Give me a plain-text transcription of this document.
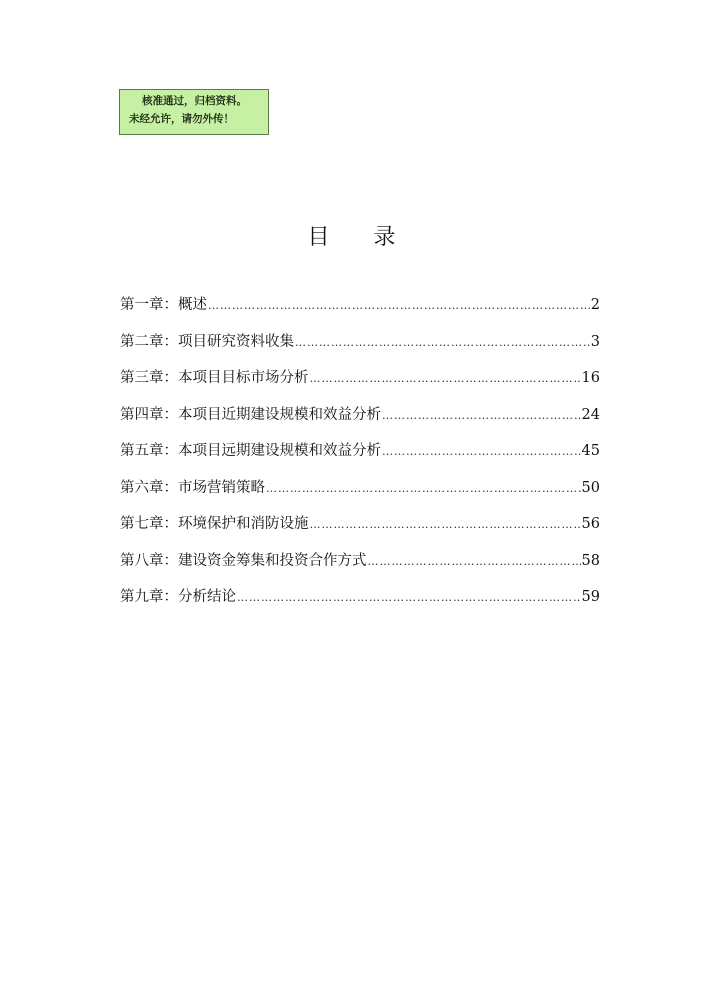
核准通过，归档资料。
未经允许，请勿外传！
目 录
第一章：概述 ……………………………………………………………………………………………………………………………………………	2
第二章：项目研究资料收集 ……………………………………………………………………………………………………………………………………………	3
第三章：本项目目标市场分析 ……………………………………………………………………………………………………………………………………………	16
第四章：本项目近期建设规模和效益分析 ……………………………………………………………………………………………………………………………………………	24
第五章：本项目远期建设规模和效益分析 ……………………………………………………………………………………………………………………………………………	45
第六章：市场营销策略 ……………………………………………………………………………………………………………………………………………	50
第七章：环境保护和消防设施 ……………………………………………………………………………………………………………………………………………	56
第八章：建设资金筹集和投资合作方式 ……………………………………………………………………………………………………………………………………………	58
第九章：分析结论 ……………………………………………………………………………………………………………………………………………	59
